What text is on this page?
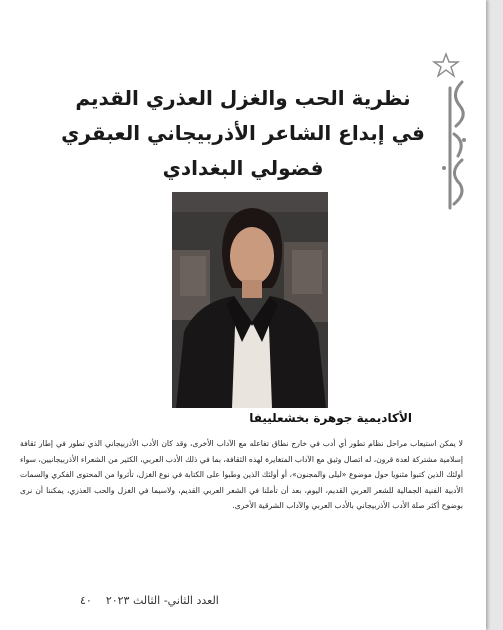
نظرية الحب والغزل العذري القديم
في إبداع الشاعر الأذربيجاني العبقري
فضولي البغدادي
الأكاديمية جوهرة بخشعلييفا

لا يمكن استيعاب مراحل نظام تطور أي أدب في خارج نطاق تفاعله مع الآداب الأخرى، وقد كان الأدب الأذربيجاني الذي تطور في إطار ثقافة إسلامية مشتركة لعدة قرون، له اتصال وثيق مع الآداب المتغايرة لهذه الثقافة، بما في ذلك الأدب العربي، الكثير من الشعراء الأذربيجانيين، سواء أولئك الذين كتبوا مثنويا حول موضوع «ليلى والمجنون»، أو أولئك الذين وطبوا على الكتابة في نوع الغزل، تأثروا من المحتوى الفكري والسمات الأدبية الفنية الجمالية للشعر العربي القديم، اليوم، بعد أن تأملنا في الشعر العربي القديم، ولاسيما في الغزل والحب العذري، يمكننا أن نرى بوضوح أكثر صلة الأدب الأذربيجاني بالأدب العربي والآداب الشرقية الأخرى.

العدد الثاني- الثالث ٢٠٢٣    ٤٠
